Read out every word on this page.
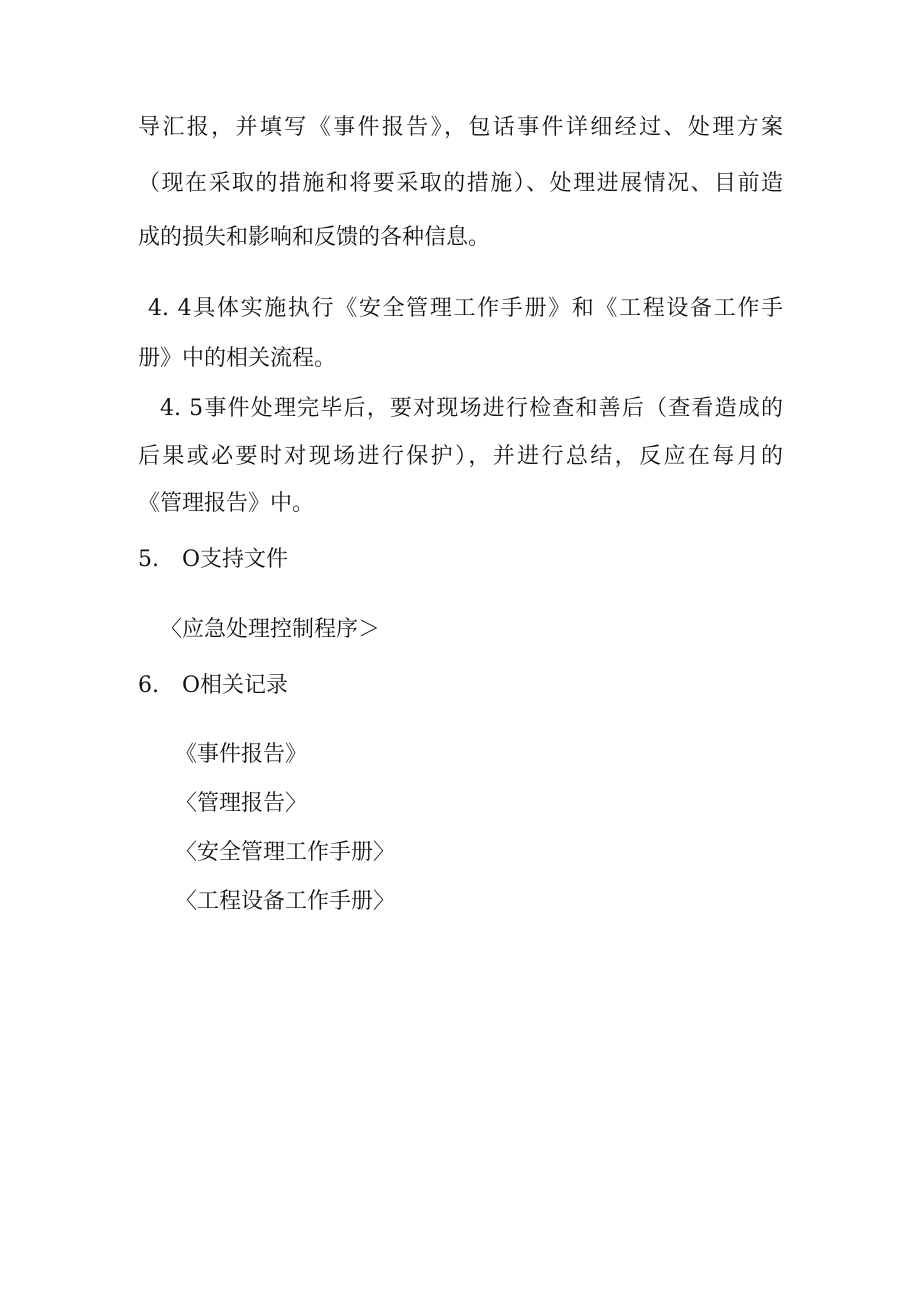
导汇报，并填写《事件报告》，包话事件详细经过、处理方案
（现在采取的措施和将要采取的措施）、处理进展情况、目前造
成的损失和影响和反馈的各种信息。
4. 4具体实施执行《安全管理工作手册》和《工程设备工作手
册》中的相关流程。
4. 5事件处理完毕后，要对现场进行检查和善后（查看造成的
后果或必要时对现场进行保护），并进行总结，反应在每月的
《管理报告》中。
5. O支持文件
〈应急处理控制程序＞
6. O相关记录
《事件报告》
〈管理报告〉
〈安全管理工作手册〉
〈工程设备工作手册〉
